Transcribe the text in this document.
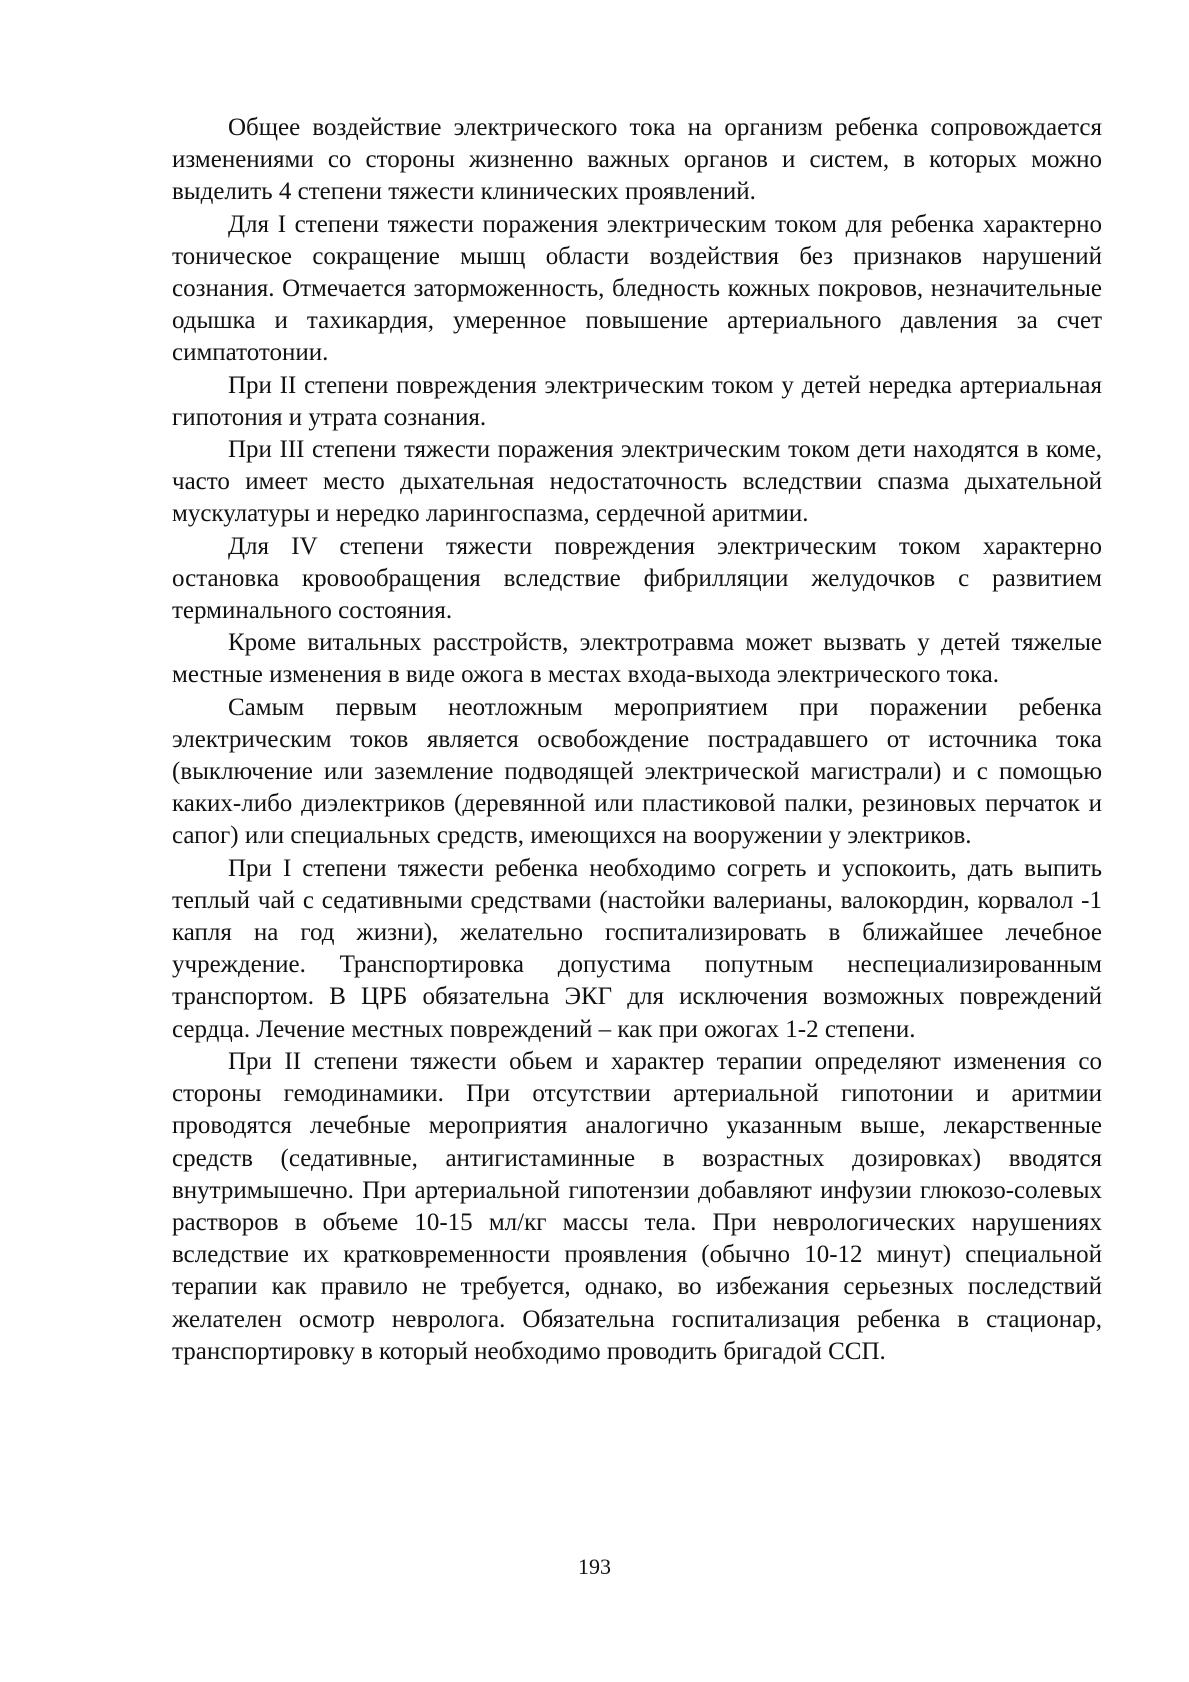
Общее воздействие электрического тока на организм ребенка сопровождается изменениями со стороны жизненно важных органов и систем, в которых можно выделить 4 степени тяжести клинических проявлений.

Для I степени тяжести поражения электрическим током для ребенка характерно тоническое сокращение мышц области воздействия без признаков нарушений сознания. Отмечается заторможенность, бледность кожных покровов, незначительные одышка и тахикардия, умеренное повышение артериального давления за счет симпатотонии.

При II степени повреждения электрическим током у детей нередка артериальная гипотония и утрата сознания.

При III степени тяжести поражения электрическим током дети находятся в коме, часто имеет место дыхательная недостаточность вследствии спазма дыхательной мускулатуры и нередко ларингоспазма, сердечной аритмии.

Для IV степени тяжести повреждения электрическим током характерно остановка кровообращения вследствие фибрилляции желудочков с развитием терминального состояния.

Кроме витальных расстройств, электротравма может вызвать у детей тяжелые местные изменения в виде ожога в местах входа-выхода электрического тока.

Самым первым неотложным мероприятием при поражении ребенка электрическим токов является освобождение пострадавшего от источника тока (выключение или заземление подводящей электрической магистрали) и с помощью каких-либо диэлектриков (деревянной или пластиковой палки, резиновых перчаток и сапог) или специальных средств, имеющихся на вооружении у электриков.

При I степени тяжести ребенка необходимо согреть и успокоить, дать выпить теплый чай с седативными средствами (настойки валерианы, валокордин, корвалол -1 капля на год жизни), желательно госпитализировать в ближайшее лечебное учреждение. Транспортировка допустима попутным неспециализированным транспортом. В ЦРБ обязательна ЭКГ для исключения возможных повреждений сердца. Лечение местных повреждений – как при ожогах 1-2 степени.

При II степени тяжести обьем и характер терапии определяют изменения со стороны гемодинамики. При отсутствии артериальной гипотонии и аритмии проводятся лечебные мероприятия аналогично указанным выше, лекарственные средств (седативные, антигистаминные в возрастных дозировках) вводятся внутримышечно. При артериальной гипотензии добавляют инфузии глюкозо-солевых растворов в объеме 10-15 мл/кг массы тела. При неврологических нарушениях вследствие их кратковременности проявления (обычно 10-12 минут) специальной терапии как правило не требуется, однако, во избежания серьезных последствий желателен осмотр невролога. Обязательна госпитализация ребенка в стационар, транспортировку в который необходимо проводить бригадой ССП.

193
